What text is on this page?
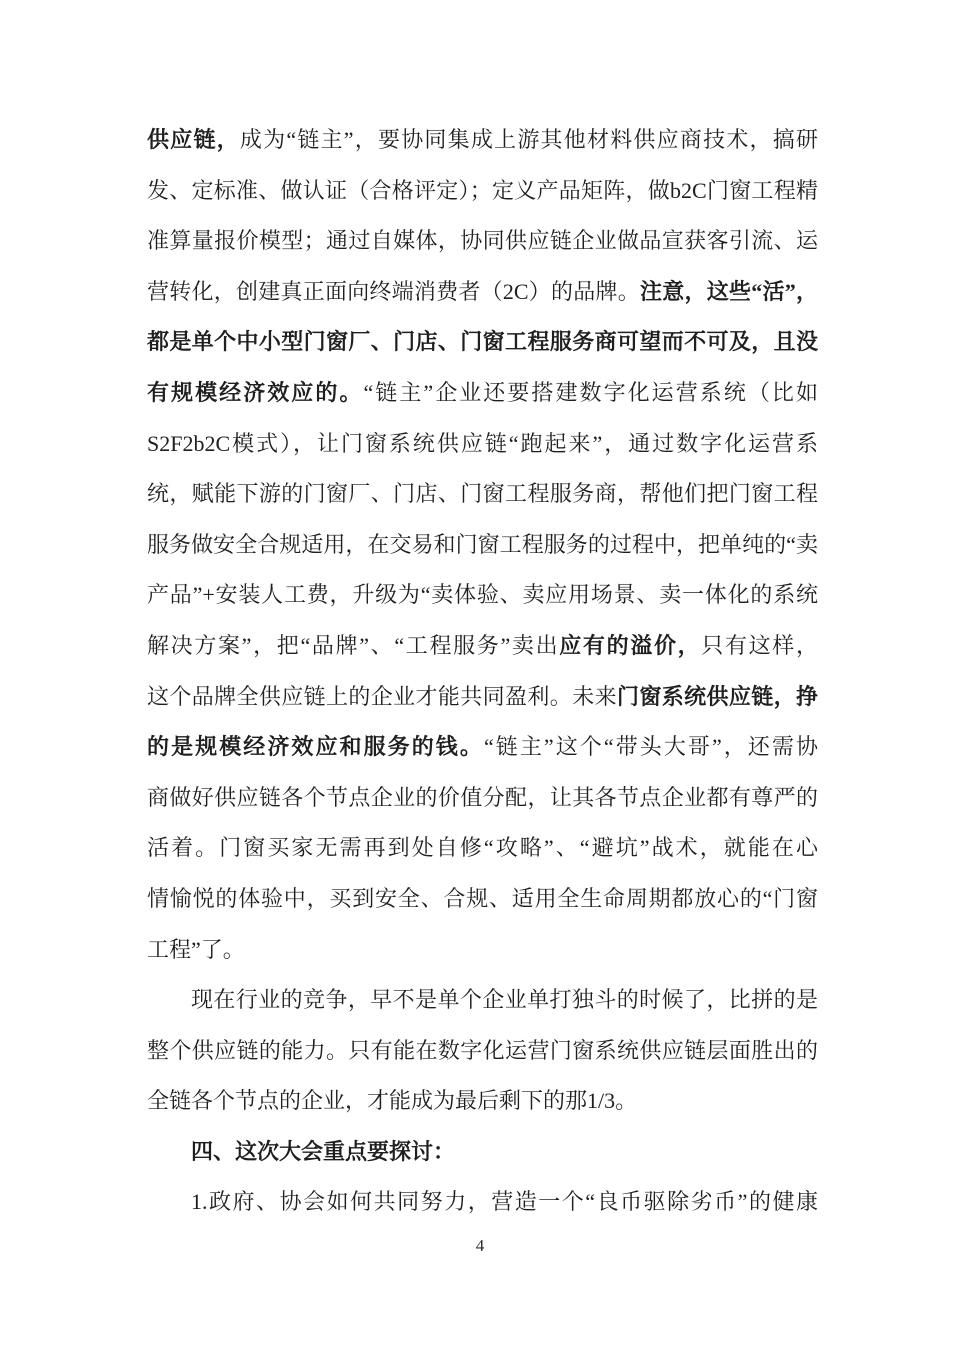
供应链，成为“链主”，要协同集成上游其他材料供应商技术，搞研
发、定标准、做认证（合格评定）；定义产品矩阵，做b2C门窗工程精
准算量报价模型；通过自媒体，协同供应链企业做品宣获客引流、运
营转化，创建真正面向终端消费者（2C）的品牌。注意，这些“活”，
都是单个中小型门窗厂、门店、门窗工程服务商可望而不可及，且没
有规模经济效应的。“链主”企业还要搭建数字化运营系统（比如
S2F2b2C模式），让门窗系统供应链“跑起来”，通过数字化运营系
统，赋能下游的门窗厂、门店、门窗工程服务商，帮他们把门窗工程
服务做安全合规适用，在交易和门窗工程服务的过程中，把单纯的“卖
产品”+安装人工费，升级为“卖体验、卖应用场景、卖一体化的系统
解决方案”，把“品牌”、“工程服务”卖出应有的溢价，只有这样，
这个品牌全供应链上的企业才能共同盈利。未来门窗系统供应链，挣
的是规模经济效应和服务的钱。“链主”这个“带头大哥”，还需协
商做好供应链各个节点企业的价值分配，让其各节点企业都有尊严的
活着。门窗买家无需再到处自修“攻略”、“避坑”战术，就能在心
情愉悦的体验中，买到安全、合规、适用全生命周期都放心的“门窗
工程”了。
现在行业的竞争，早不是单个企业单打独斗的时候了，比拼的是
整个供应链的能力。只有能在数字化运营门窗系统供应链层面胜出的
全链各个节点的企业，才能成为最后剩下的那1/3。
四、这次大会重点要探讨：
1.政府、协会如何共同努力，营造一个“良币驱除劣币”的健康
4
